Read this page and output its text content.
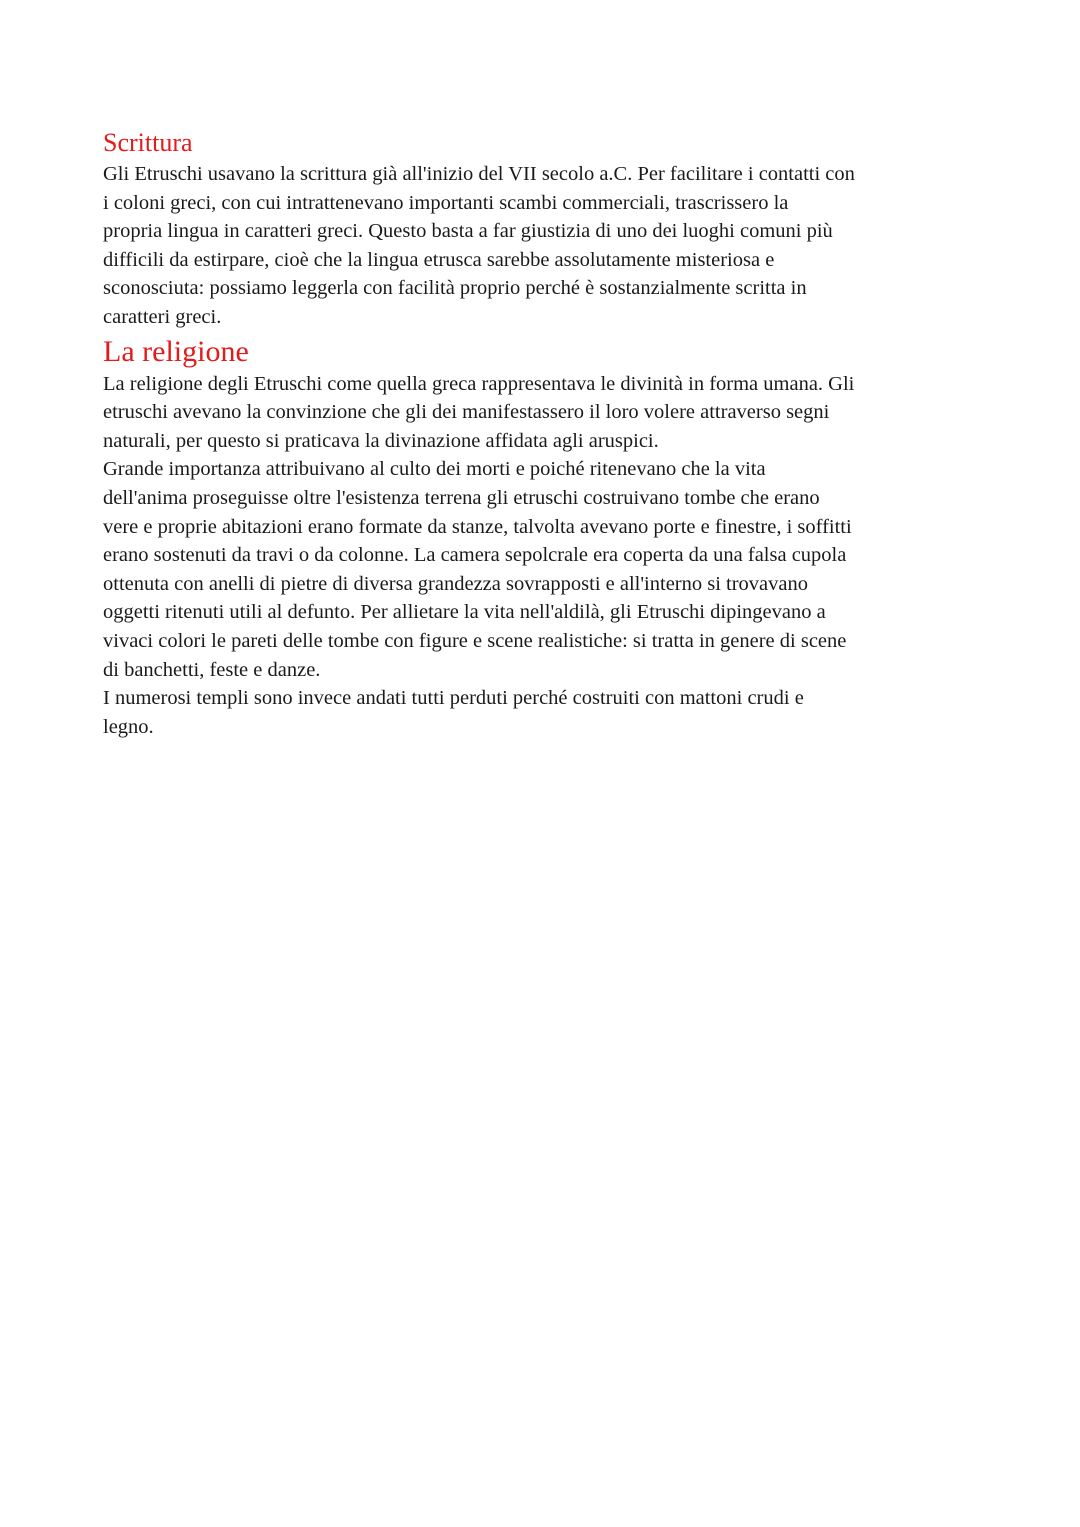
Scrittura

Gli Etruschi usavano la scrittura già all'inizio del VII secolo a.C. Per facilitare i contatti con
i coloni greci, con cui intrattenevano importanti scambi commerciali, trascrissero la
propria lingua in caratteri greci. Questo basta a far giustizia di uno dei luoghi comuni più
difficili da estirpare, cioè che la lingua etrusca sarebbe assolutamente misteriosa e
sconosciuta: possiamo leggerla con facilità proprio perché è sostanzialmente scritta in
caratteri greci.

La religione

La religione degli Etruschi come quella greca rappresentava le divinità in forma umana. Gli
etruschi avevano la convinzione che gli dei manifestassero il loro volere attraverso segni
naturali, per questo si praticava la divinazione affidata agli aruspici.

Grande importanza attribuivano al culto dei morti e poiché ritenevano che la vita
dell'anima proseguisse oltre l'esistenza terrena gli etruschi costruivano tombe che erano
vere e proprie abitazioni erano formate da stanze, talvolta avevano porte e finestre, i soffitti
erano sostenuti da travi o da colonne. La camera sepolcrale era coperta da una falsa cupola
ottenuta con anelli di pietre di diversa grandezza sovrapposti e all'interno si trovavano
oggetti ritenuti utili al defunto. Per allietare la vita nell'aldilà, gli Etruschi dipingevano a
vivaci colori le pareti delle tombe con figure e scene realistiche: si tratta in genere di scene
di banchetti, feste e danze.

I numerosi templi sono invece andati tutti perduti perché costruiti con mattoni crudi e
legno.
